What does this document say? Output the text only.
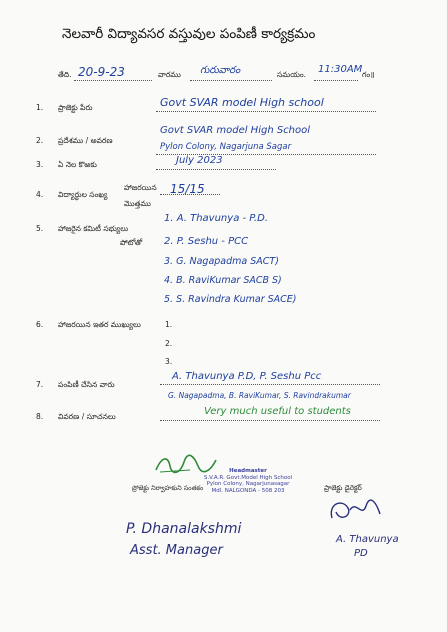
నెలవారీ విద్యావసర వస్తువుల పంపిణీ కార్యక్రమం
తేది. 20-9-23	వారము గురువారం	సమయం. 11:30AM గం॥
1. ప్రాజెక్టు పేరు	Govt SVAR model High school
2. ప్రదేశము / అవరణ
Govt SVAR model High School
Pylon Colony, Nagarjuna Sagar
3. ఏ నెల కొఱకు	July 2023
4. విద్యార్థుల సంఖ్య
హాజరయిన
మొత్తము
15/15
5. హాజరైన కమిటీ సభ్యులు
పోటోతో
1. A. Thavunya - P.D.
2. P. Seshu - PCC
3. G. Nagapadma SACT)
4. B. RaviKumar SACB S)
5. S. Ravindra Kumar SACE)
6. హాజరయిన ఇతర ముఖ్యులు	1.
2.
3.
7. పంపిణీ చేసిన వారు
A. Thavunya P.D, P. Seshu Pcc
G. Nagapadma, B. RaviKumar, S. Ravindrakumar
8. వివరణ / సూచనలు	Very much useful to students
Headmaster
S.V.A.R. Govt.Model High School
Pylon Colony, Nagarjunasagar
Mdl. NALGONDA - 508 203
ప్రోజెక్టు నిర్వాహకుని సంతకం	ప్రాజెక్టు డైరెక్టర్
P. Dhanalakshmi
Asst. Manager
A. Thavunya
PD
